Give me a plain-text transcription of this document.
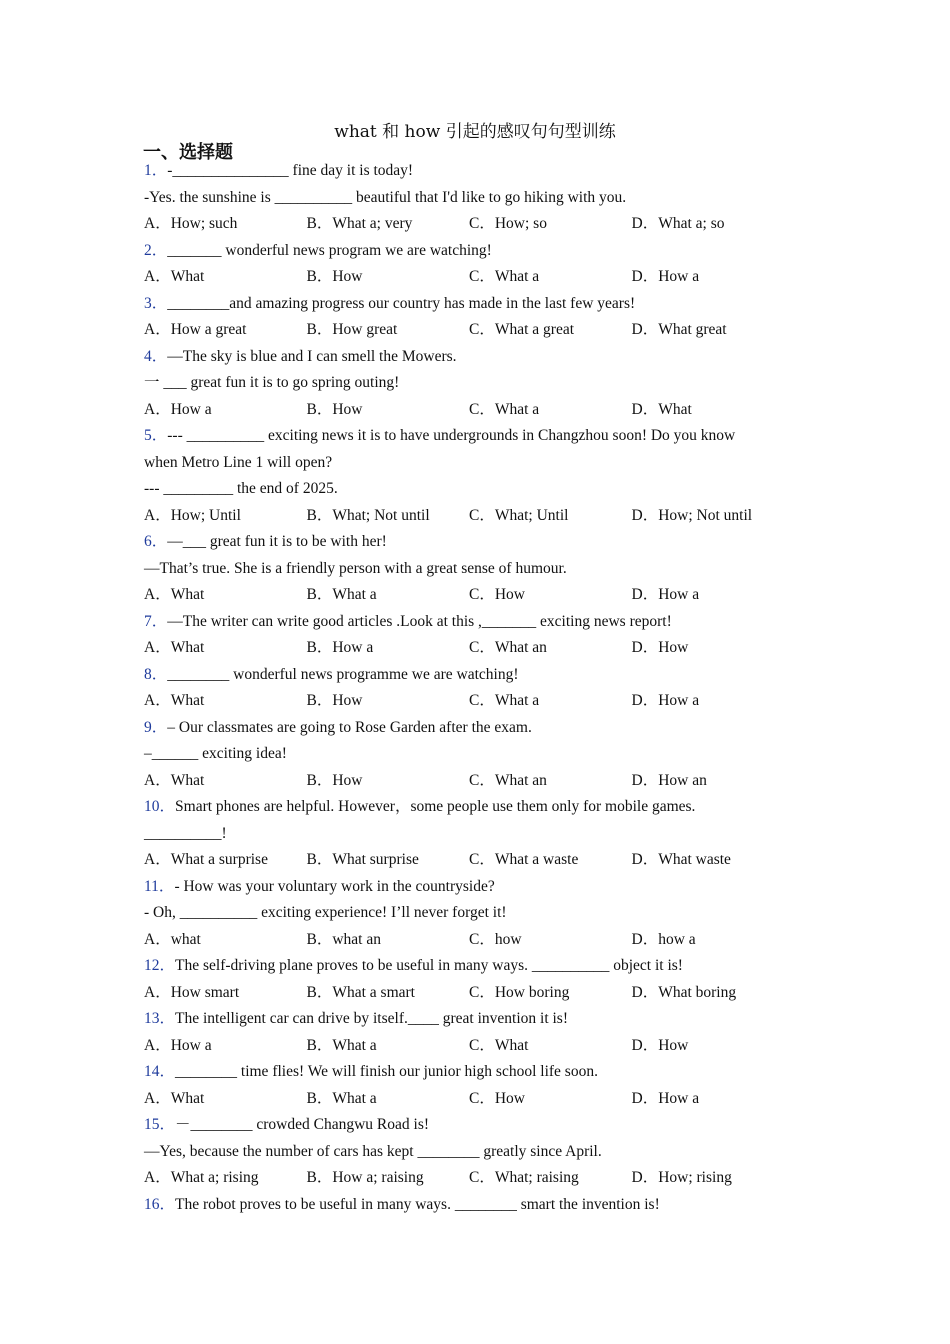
what 和 how 引起的感叹句句型训练
一、选择题
1．-_______________ fine day it is today!
-Yes. the sunshine is __________ beautiful that I'd like to go hiking with you.
A．How; such	B．What a; very	C．How; so	D．What a; so
2．_______ wonderful news program we are watching!
A．What	B．How	C．What a	D．How a
3．________and amazing progress our country has made in the last few years!
A．How a great	B．How great	C．What a great	D．What great
4．—The sky is blue and I can smell the Mowers.
一 ___ great fun it is to go spring outing!
A．How a	B．How	C．What a	D．What
5．--- __________ exciting news it is to have undergrounds in Changzhou soon! Do you know
when Metro Line 1 will open?
--- _________ the end of 2025.
A．How; Until	B．What; Not until	C．What; Until	D．How; Not until
6．—___ great fun it is to be with her!
—That’s true. She is a friendly person with a great sense of humour.
A．What	B．What a	C．How	D．How a
7．—The writer can write good articles .Look at this ,_______ exciting news report!
A．What	B．How a	C．What an	D．How
8．________ wonderful news programme we are watching!
A．What	B．How	C．What a	D．How a
9．– Our classmates are going to Rose Garden after the exam.
–______ exciting idea!
A．What	B．How	C．What an	D．How an
10．Smart phones are helpful. However，some people use them only for mobile games.
__________!
A．What a surprise	B．What surprise	C．What a waste	D．What waste
11．- How was your voluntary work in the countryside?
- Oh, __________ exciting experience! I’ll never forget it!
A．what	B．what an	C．how	D．how a
12．The self-driving plane proves to be useful in many ways. __________ object it is!
A．How smart	B．What a smart	C．How boring	D．What boring
13．The intelligent car can drive by itself.____ great invention it is!
A．How a	B．What a	C．What	D．How
14．________ time flies! We will finish our junior high school life soon.
A．What	B．What a	C．How	D．How a
15．－________ crowded Changwu Road is!
—Yes, because the number of cars has kept ________ greatly since April.
A．What a; rising	B．How a; raising	C．What; raising	D．How; rising
16．The robot proves to be useful in many ways. ________ smart the invention is!
